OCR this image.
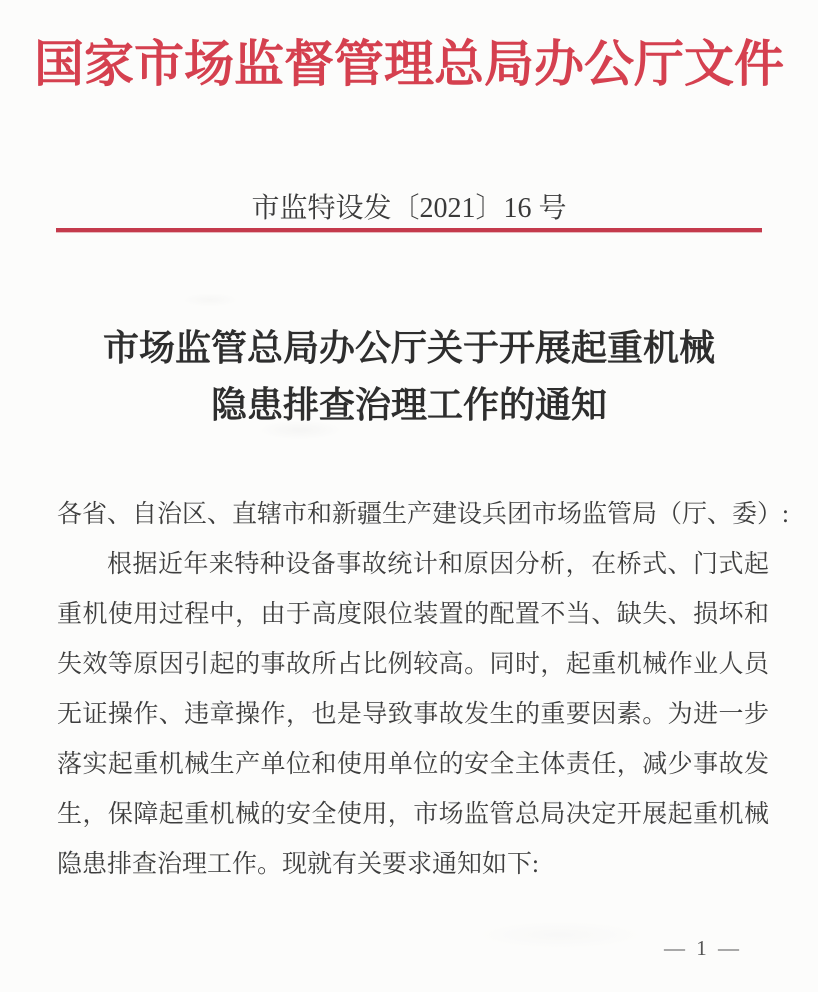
国家市场监督管理总局办公厅文件
市监特设发〔2021〕16 号
市场监管总局办公厅关于开展起重机械
隐患排查治理工作的通知
各省、自治区、直辖市和新疆生产建设兵团市场监管局（厅、委）:
根据近年来特种设备事故统计和原因分析，在桥式、门式起
重机使用过程中，由于高度限位装置的配置不当、缺失、损坏和
失效等原因引起的事故所占比例较高。同时，起重机械作业人员
无证操作、违章操作，也是导致事故发生的重要因素。为进一步
落实起重机械生产单位和使用单位的安全主体责任，减少事故发
生，保障起重机械的安全使用，市场监管总局决定开展起重机械
隐患排查治理工作。现就有关要求通知如下:
— 1 —
